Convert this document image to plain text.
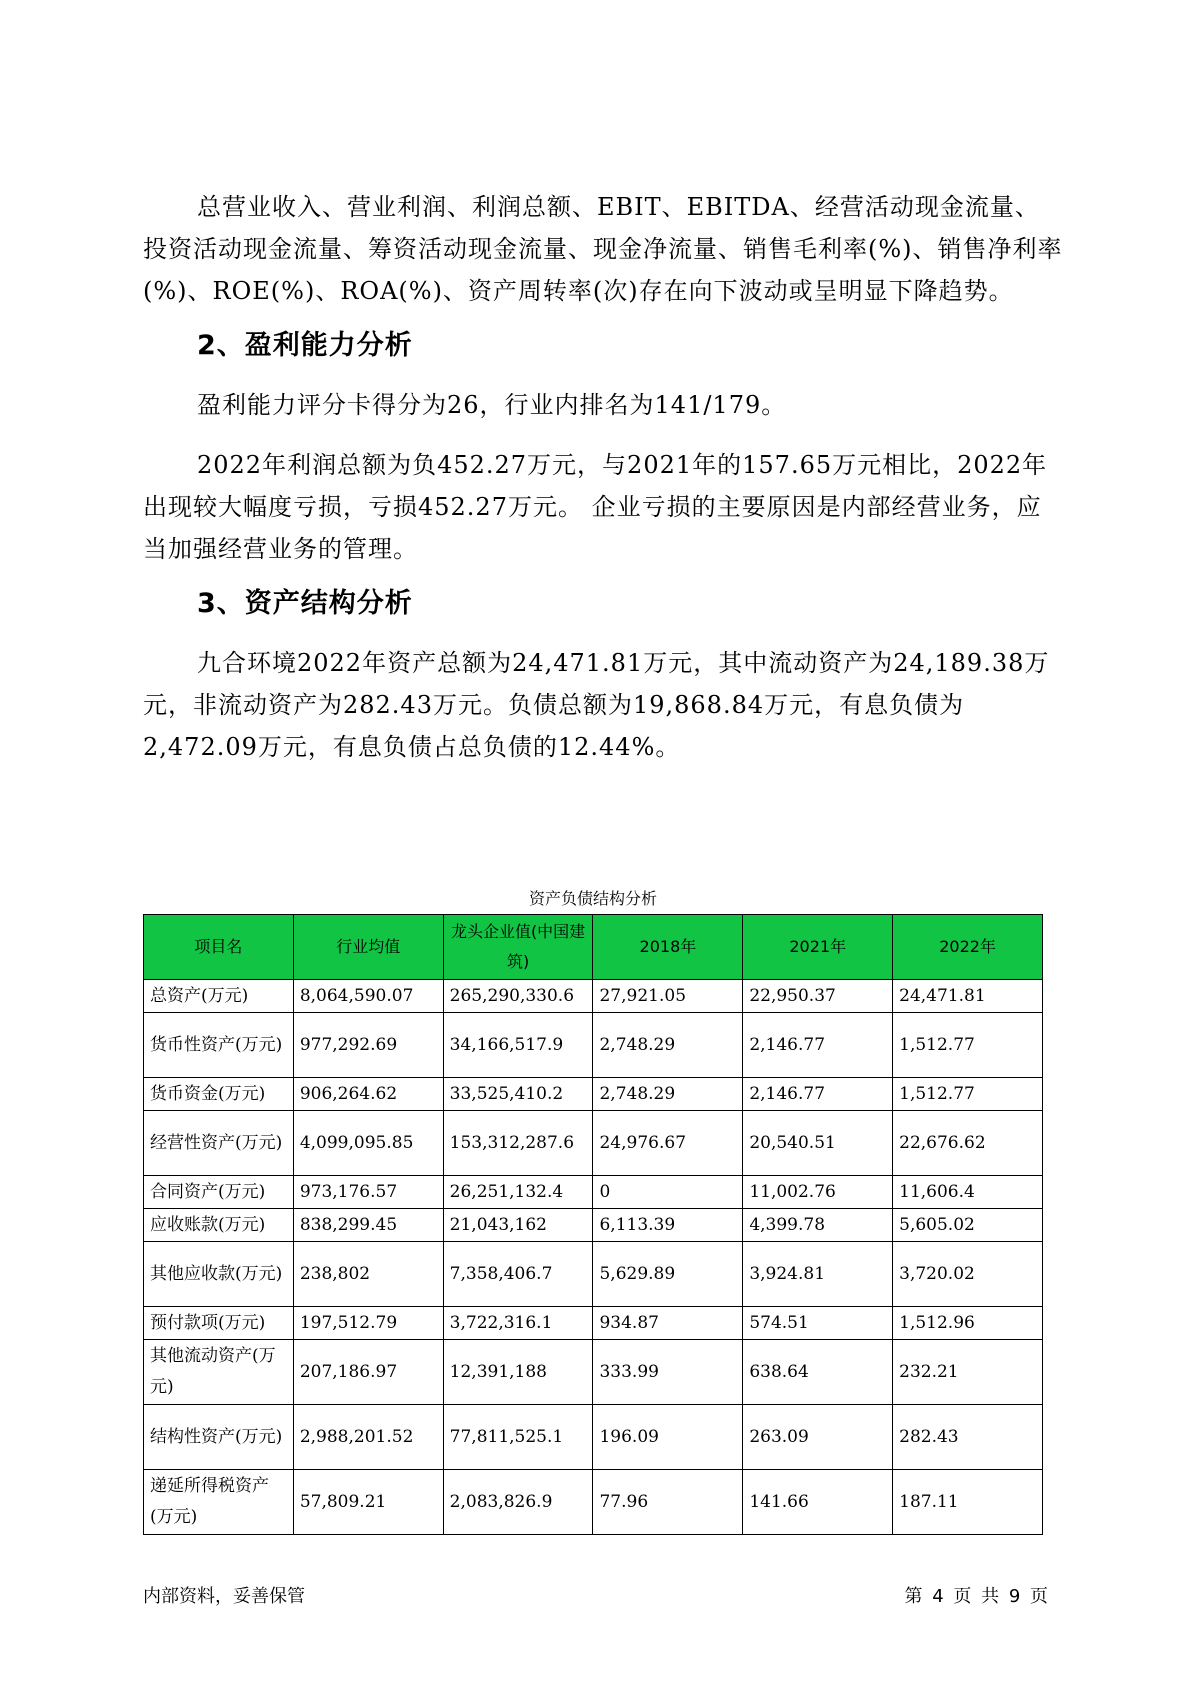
总营业收入、营业利润、利润总额、EBIT、EBITDA、经营活动现金流量、投资活动现金流量、筹资活动现金流量、现金净流量、销售毛利率(%)、销售净利率(%)、ROE(%)、ROA(%)、资产周转率(次)存在向下波动或呈明显下降趋势。

2、盈利能力分析

盈利能力评分卡得分为26，行业内排名为141/179。

2022年利润总额为负452.27万元，与2021年的157.65万元相比，2022年出现较大幅度亏损，亏损452.27万元。 企业亏损的主要原因是内部经营业务，应当加强经营业务的管理。

3、资产结构分析

九合环境2022年资产总额为24,471.81万元，其中流动资产为24,189.38万元，非流动资产为282.43万元。负债总额为19,868.84万元，有息负债为2,472.09万元，有息负债占总负债的12.44%。

资产负债结构分析
项目名	行业均值	龙头企业值(中国建筑)	2018年	2021年	2022年
总资产(万元)	8,064,590.07	265,290,330.6	27,921.05	22,950.37	24,471.81
货币性资产(万元)	977,292.69	34,166,517.9	2,748.29	2,146.77	1,512.77
货币资金(万元)	906,264.62	33,525,410.2	2,748.29	2,146.77	1,512.77
经营性资产(万元)	4,099,095.85	153,312,287.6	24,976.67	20,540.51	22,676.62
合同资产(万元)	973,176.57	26,251,132.4	0	11,002.76	11,606.4
应收账款(万元)	838,299.45	21,043,162	6,113.39	4,399.78	5,605.02
其他应收款(万元)	238,802	7,358,406.7	5,629.89	3,924.81	3,720.02
预付款项(万元)	197,512.79	3,722,316.1	934.87	574.51	1,512.96
其他流动资产(万元)	207,186.97	12,391,188	333.99	638.64	232.21
结构性资产(万元)	2,988,201.52	77,811,525.1	196.09	263.09	282.43
递延所得税资产(万元)	57,809.21	2,083,826.9	77.96	141.66	187.11
内部资料，妥善保管	第 4 页 共 9 页
